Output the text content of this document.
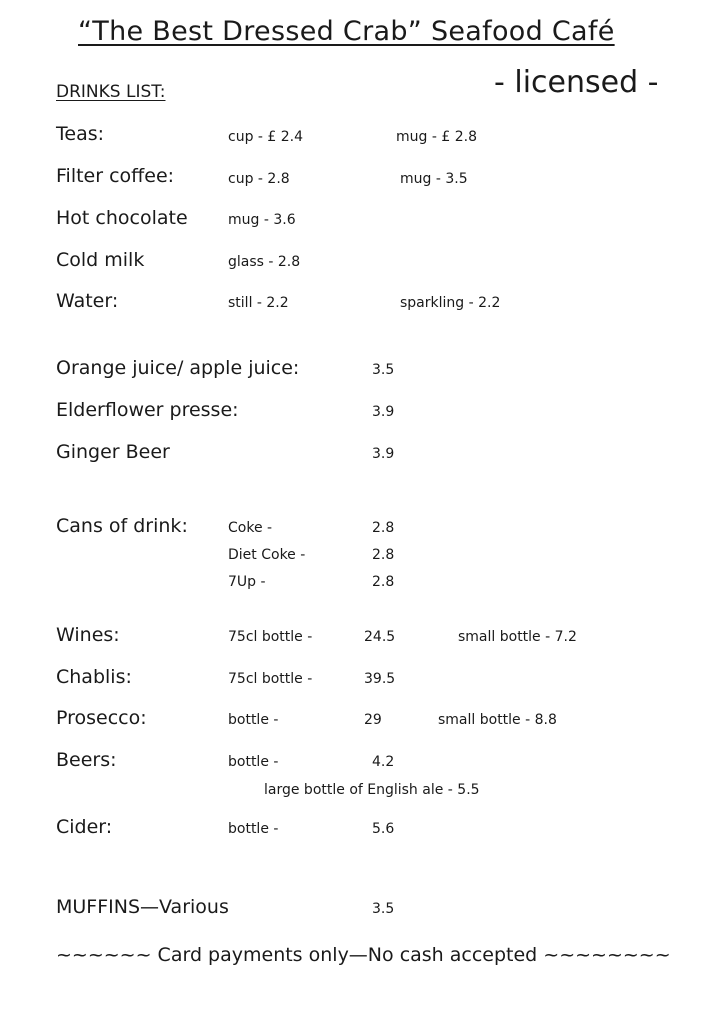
“The Best Dressed Crab” Seafood Café
- licensed -
DRINKS LIST:
Teas:	cup - £ 2.4	mug - £ 2.8
Filter coffee:	cup - 2.8	mug - 3.5
Hot chocolate	mug - 3.6
Cold milk	glass - 2.8
Water:	still - 2.2	sparkling - 2.2
Orange juice/ apple juice:	3.5
Elderflower presse:	3.9
Ginger Beer	3.9
Cans of drink:	Coke -	2.8
Diet Coke -	2.8
7Up -	2.8
Wines:	75cl bottle -	24.5	small bottle - 7.2
Chablis:	75cl bottle -	39.5
Prosecco:	bottle -	29	small bottle - 8.8
Beers:	bottle -	4.2
large bottle of English ale - 5.5
Cider:	bottle -	5.6
MUFFINS—Various	3.5
~~~~~~ Card payments only—No cash accepted ~~~~~~~~
